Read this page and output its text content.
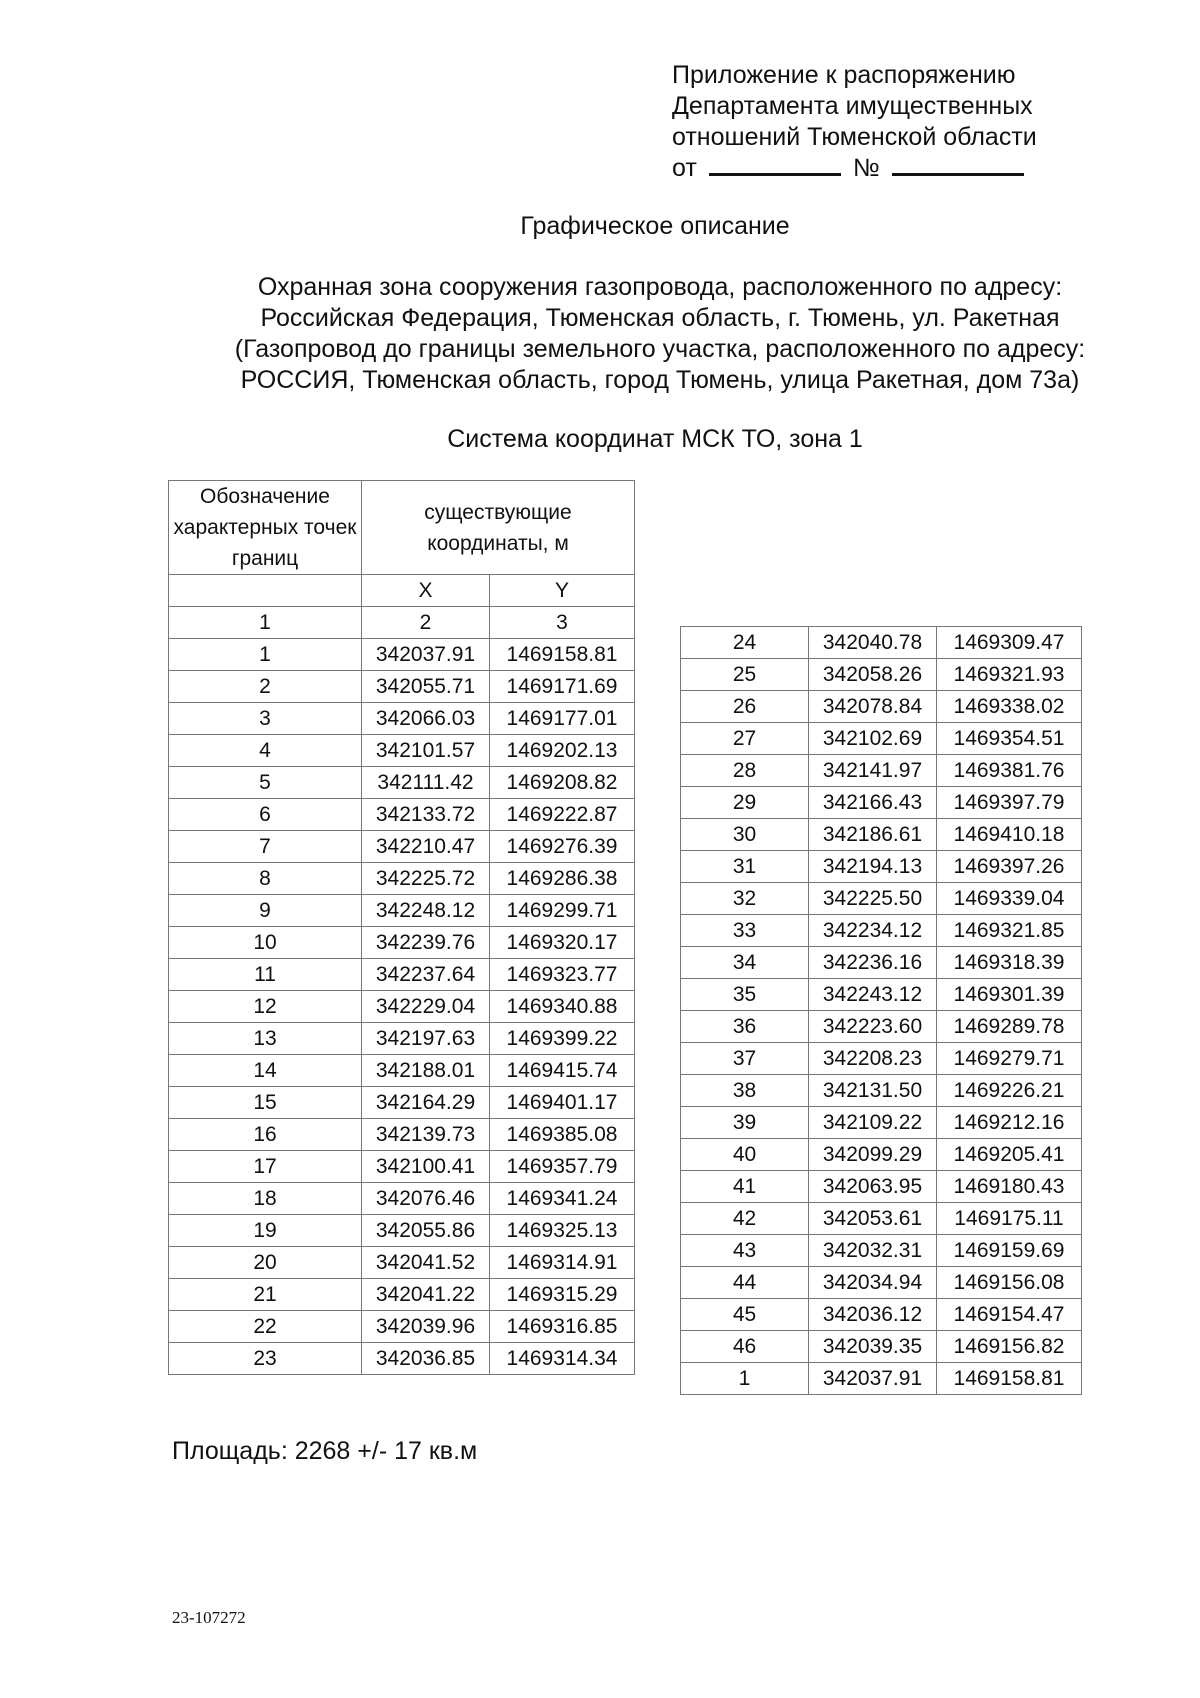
Приложение к распоряжению
Департамента имущественных
отношений Тюменской области
от	№
Графическое описание
Охранная зона сооружения газопровода, расположенного по адресу:
Российская Федерация, Тюменская область, г. Тюмень, ул. Ракетная
(Газопровод до границы земельного участка, расположенного по адресу:
РОССИЯ, Тюменская область, город Тюмень, улица Ракетная, дом 73а)
Система координат МСК ТО, зона 1
Обозначение характерных точек границ	существующие координаты, м	
	X	Y
1	2	3
1	342037.91	1469158.81
2	342055.71	1469171.69
3	342066.03	1469177.01
4	342101.57	1469202.13
5	342111.42	1469208.82
6	342133.72	1469222.87
7	342210.47	1469276.39
8	342225.72	1469286.38
9	342248.12	1469299.71
10	342239.76	1469320.17
11	342237.64	1469323.77
12	342229.04	1469340.88
13	342197.63	1469399.22
14	342188.01	1469415.74
15	342164.29	1469401.17
16	342139.73	1469385.08
17	342100.41	1469357.79
18	342076.46	1469341.24
19	342055.86	1469325.13
20	342041.52	1469314.91
21	342041.22	1469315.29
22	342039.96	1469316.85
23	342036.85	1469314.34
24	342040.78	1469309.47
25	342058.26	1469321.93
26	342078.84	1469338.02
27	342102.69	1469354.51
28	342141.97	1469381.76
29	342166.43	1469397.79
30	342186.61	1469410.18
31	342194.13	1469397.26
32	342225.50	1469339.04
33	342234.12	1469321.85
34	342236.16	1469318.39
35	342243.12	1469301.39
36	342223.60	1469289.78
37	342208.23	1469279.71
38	342131.50	1469226.21
39	342109.22	1469212.16
40	342099.29	1469205.41
41	342063.95	1469180.43
42	342053.61	1469175.11
43	342032.31	1469159.69
44	342034.94	1469156.08
45	342036.12	1469154.47
46	342039.35	1469156.82
1	342037.91	1469158.81
Площадь: 2268 +/- 17 кв.м
23-107272
